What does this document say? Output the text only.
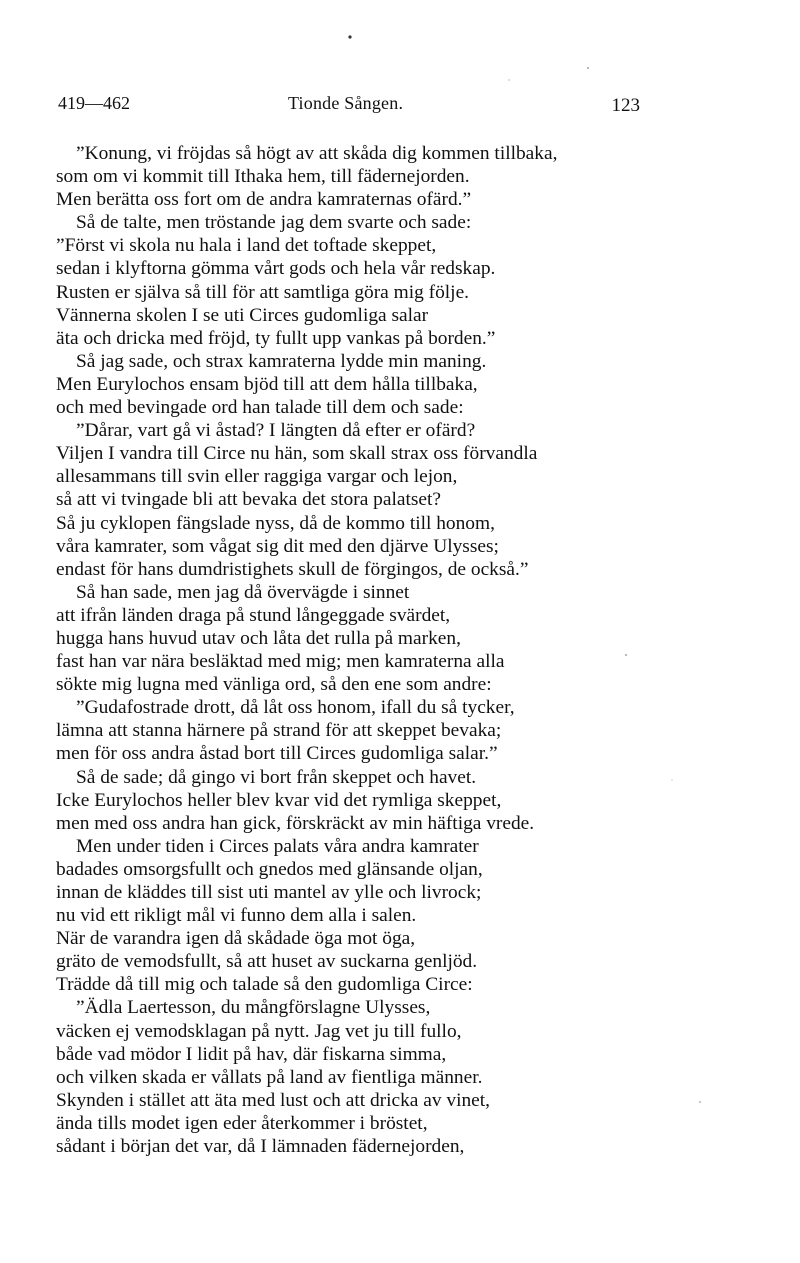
419—462	Tionde Sången.	123
”Konung, vi fröjdas så högt av att skåda dig kommen tillbaka,
som om vi kommit till Ithaka hem, till fädernejorden.
Men berätta oss fort om de andra kamraternas ofärd.”
Så de talte, men tröstande jag dem svarte och sade:
”Först vi skola nu hala i land det toftade skeppet,
sedan i klyftorna gömma vårt gods och hela vår redskap.
Rusten er själva så till för att samtliga göra mig följe.
Vännerna skolen I se uti Circes gudomliga salar
äta och dricka med fröjd, ty fullt upp vankas på borden.”
Så jag sade, och strax kamraterna lydde min maning.
Men Eurylochos ensam bjöd till att dem hålla tillbaka,
och med bevingade ord han talade till dem och sade:
”Dårar, vart gå vi åstad? I längten då efter er ofärd?
Viljen I vandra till Circe nu hän, som skall strax oss förvandla
allesammans till svin eller raggiga vargar och lejon,
så att vi tvingade bli att bevaka det stora palatset?
Så ju cyklopen fängslade nyss, då de kommo till honom,
våra kamrater, som vågat sig dit med den djärve Ulysses;
endast för hans dumdristighets skull de förgingos, de också.”
Så han sade, men jag då övervägde i sinnet
att ifrån länden draga på stund långeggade svärdet,
hugga hans huvud utav och låta det rulla på marken,
fast han var nära besläktad med mig; men kamraterna alla
sökte mig lugna med vänliga ord, så den ene som andre:
”Gudafostrade drott, då låt oss honom, ifall du så tycker,
lämna att stanna härnere på strand för att skeppet bevaka;
men för oss andra åstad bort till Circes gudomliga salar.”
Så de sade; då gingo vi bort från skeppet och havet.
Icke Eurylochos heller blev kvar vid det rymliga skeppet,
men med oss andra han gick, förskräckt av min häftiga vrede.
Men under tiden i Circes palats våra andra kamrater
badades omsorgsfullt och gnedos med glänsande oljan,
innan de kläddes till sist uti mantel av ylle och livrock;
nu vid ett rikligt mål vi funno dem alla i salen.
När de varandra igen då skådade öga mot öga,
gräto de vemodsfullt, så att huset av suckarna genljöd.
Trädde då till mig och talade så den gudomliga Circe:
”Ädla Laertesson, du mångförslagne Ulysses,
väcken ej vemodsklagan på nytt. Jag vet ju till fullo,
både vad mödor I lidit på hav, där fiskarna simma,
och vilken skada er vållats på land av fientliga männer.
Skynden i stället att äta med lust och att dricka av vinet,
ända tills modet igen eder återkommer i bröstet,
sådant i början det var, då I lämnaden fädernejorden,
